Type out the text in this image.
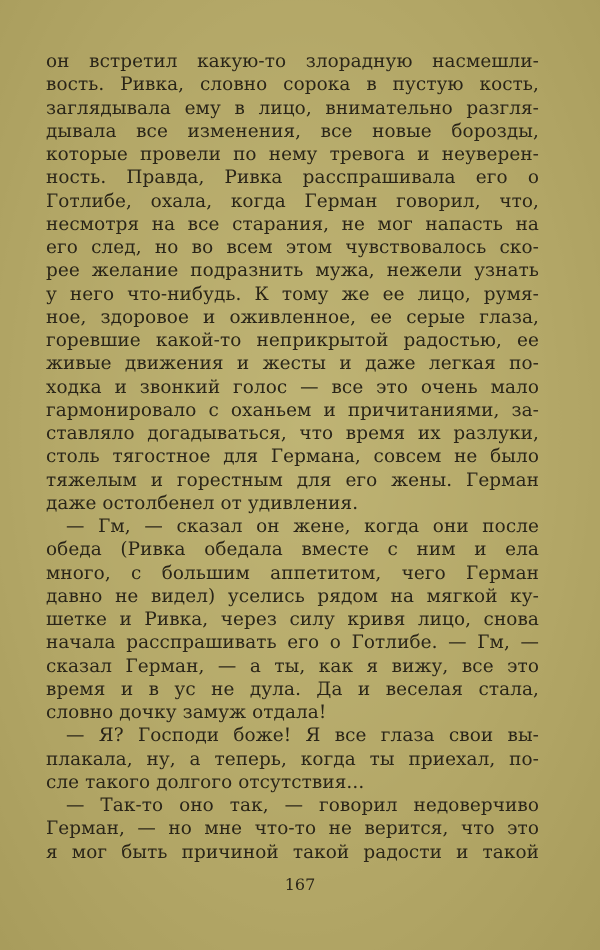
он встретил какую-то злорадную насмешли-
вость. Ривка, словно сорока в пустую кость,
заглядывала ему в лицо, внимательно разгля-
дывала все изменения, все новые борозды,
которые провели по нему тревога и неуверен-
ность. Правда, Ривка расспрашивала его о
Готлибе, охала, когда Герман говорил, что,
несмотря на все старания, не мог напасть на
его след, но во всем этом чувствовалось ско-
рее желание подразнить мужа, нежели узнать
у него что-нибудь. К тому же ее лицо, румя-
ное, здоровое и оживленное, ее серые глаза,
горевшие какой-то неприкрытой радостью, ее
живые движения и жесты и даже легкая по-
ходка и звонкий голос — все это очень мало
гармонировало с оханьем и причитаниями, за-
ставляло догадываться, что время их разлуки,
столь тягостное для Германа, совсем не было
тяжелым и горестным для его жены. Герман
даже остолбенел от удивления.
— Гм, — сказал он жене, когда они после
обеда (Ривка обедала вместе с ним и ела
много, с большим аппетитом, чего Герман
давно не видел) уселись рядом на мягкой ку-
шетке и Ривка, через силу кривя лицо, снова
начала расспрашивать его о Готлибе. — Гм, —
сказал Герман, — а ты, как я вижу, все это
время и в ус не дула. Да и веселая стала,
словно дочку замуж отдала!
— Я? Господи боже! Я все глаза свои вы-
плакала, ну, а теперь, когда ты приехал, по-
сле такого долгого отсутствия...
— Так-то оно так, — говорил недоверчиво
Герман, — но мне что-то не верится, что это
я мог быть причиной такой радости и такой
167
